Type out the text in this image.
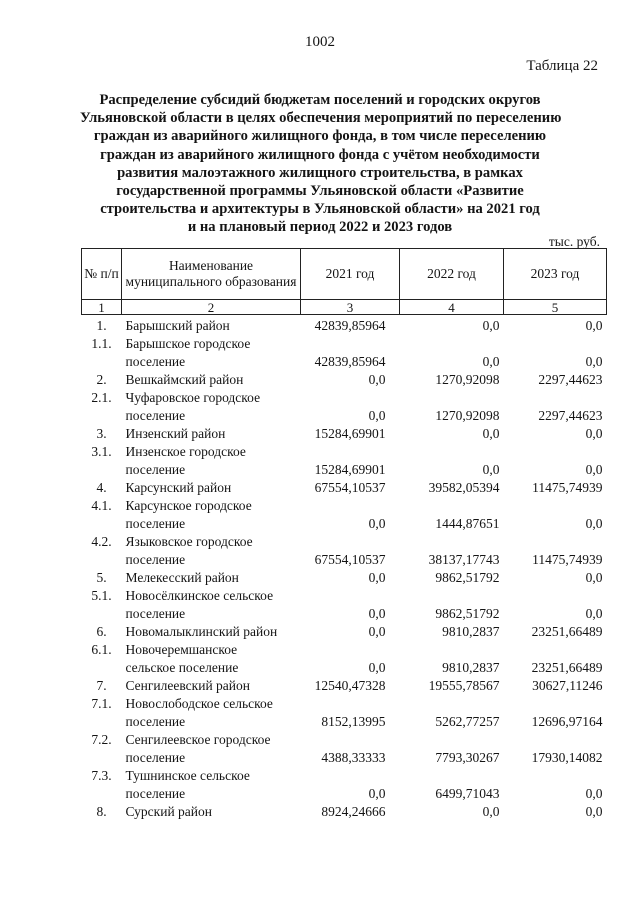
1002
Таблица 22
Распределение субсидий бюджетам поселений и городских округов
Ульяновской области в целях обеспечения мероприятий по переселению
граждан из аварийного жилищного фонда, в том числе переселению
граждан из аварийного жилищного фонда с учётом необходимости
развития малоэтажного жилищного строительства, в рамках
государственной программы Ульяновской области «Развитие
строительства и архитектуры в Ульяновской области» на 2021 год
и на плановый период 2022 и 2023 годов
тыс. руб.
№ п/п	Наименование муниципального образования	2021 год	2022 год	2023 год
1	2	3	4	5
1.	Барышский район	42839,85964	0,0	0,0
1.1.	Барышское городское
поселение	42839,85964	0,0	0,0
2.	Вешкаймский район	0,0	1270,92098	2297,44623
2.1.	Чуфаровское городское
поселение	0,0	1270,92098	2297,44623
3.	Инзенский район	15284,69901	0,0	0,0
3.1.	Инзенское городское
поселение	15284,69901	0,0	0,0
4.	Карсунский район	67554,10537	39582,05394	11475,74939
4.1.	Карсунское городское
поселение	0,0	1444,87651	0,0
4.2.	Языковское городское
поселение	67554,10537	38137,17743	11475,74939
5.	Мелекесский район	0,0	9862,51792	0,0
5.1.	Новосёлкинское сельское
поселение	0,0	9862,51792	0,0
6.	Новомалыклинский район	0,0	9810,2837	23251,66489
6.1.	Новочеремшанское
сельское поселение	0,0	9810,2837	23251,66489
7.	Сенгилеевский район	12540,47328	19555,78567	30627,11246
7.1.	Новослободское сельское
поселение	8152,13995	5262,77257	12696,97164
7.2.	Сенгилеевское городское
поселение	4388,33333	7793,30267	17930,14082
7.3.	Тушнинское сельское
поселение	0,0	6499,71043	0,0
8.	Сурский район	8924,24666	0,0	0,0
